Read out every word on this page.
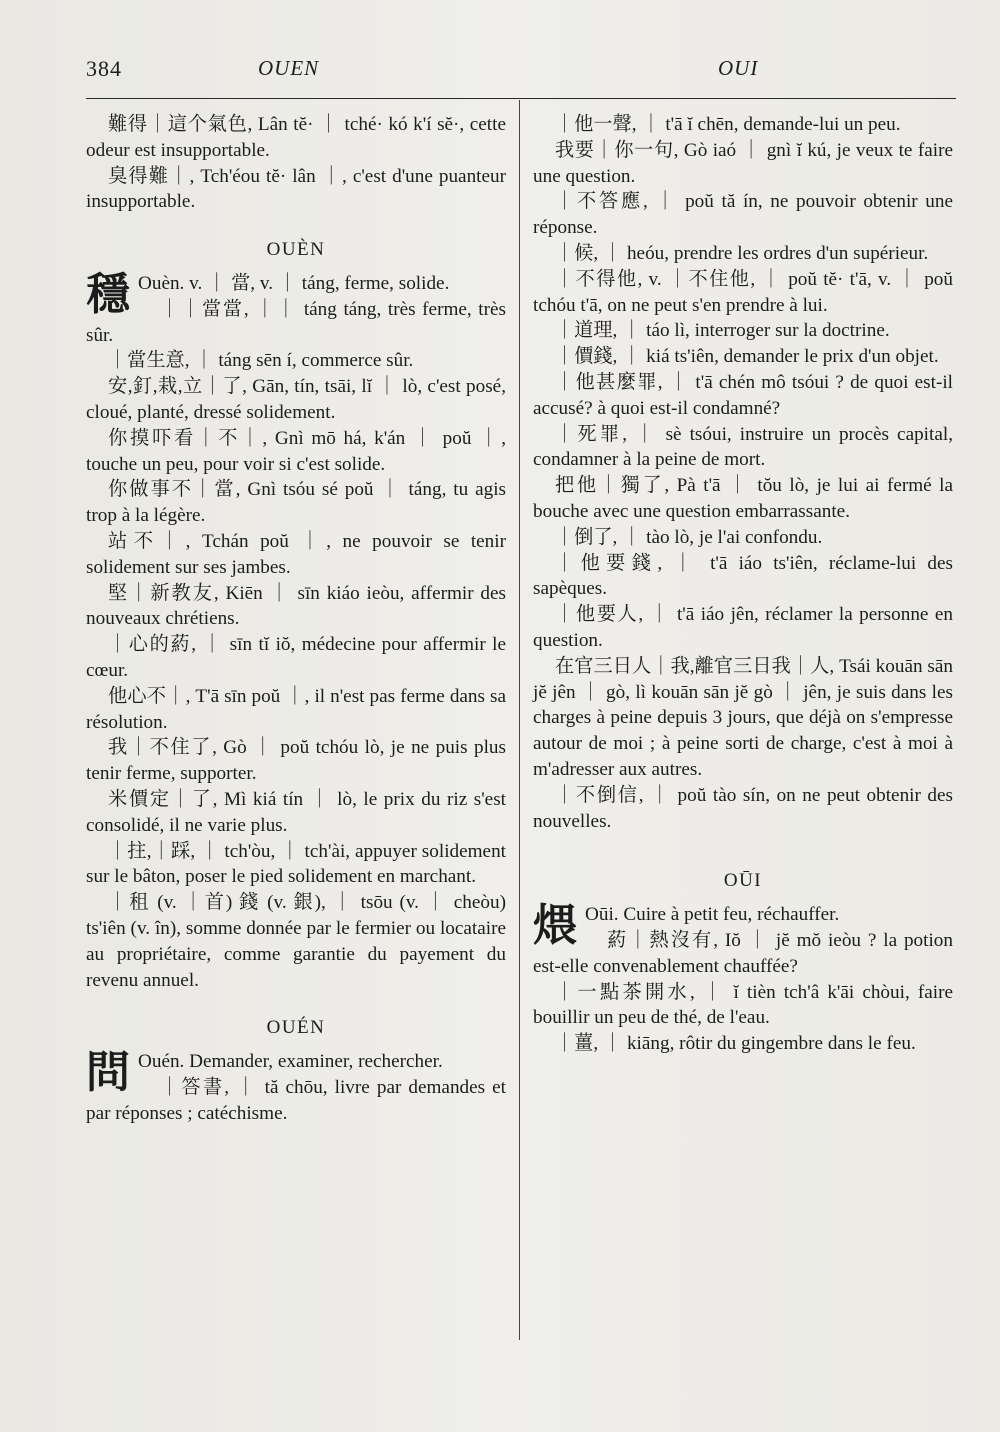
384	OUEN	OUI

難得｜這个氣色, Lân tĕ· ｜ tché· kó k'í sĕ·, cette odeur est insupportable.

臭得難｜, Tch'éou tĕ· lân ｜, c'est d'une puanteur insupportable.

OUÈN

穩 Ouèn. v. ｜ 當, v. ｜ táng, ferme, solide.

｜｜當當, ｜｜ táng táng, très ferme, très sûr.

｜當生意, ｜ táng sēn í, commerce sûr.

安,釘,栽,立｜了, Gān, tín, tsāi, lĭ ｜ lò, c'est posé, cloué, planté, dressé solidement.

你摸吓看｜不｜, Gnì mō há, k'án ｜ poŭ ｜, touche un peu, pour voir si c'est solide.

你做事不｜當, Gnì tsóu sé poŭ ｜ táng, tu agis trop à la légère.

站不｜, Tchán poŭ ｜, ne pouvoir se tenir solidement sur ses jambes.

堅｜新教友, Kiēn ｜ sīn kiáo ieòu, affermir des nouveaux chrétiens.

｜心的葯, ｜ sīn tĭ iŏ, médecine pour affermir le cœur.

他心不｜, T'ā sīn poŭ ｜, il n'est pas ferme dans sa résolution.

我｜不住了, Gò ｜ poŭ tchóu lò, je ne puis plus tenir ferme, supporter.

米價定｜了, Mì kiá tín ｜ lò, le prix du riz s'est consolidé, il ne varie plus.

｜拄,｜踩, ｜ tch'òu, ｜ tch'ài, appuyer solidement sur le bâton, poser le pied solidement en marchant.

｜租 (v. ｜首) 錢 (v. 銀), ｜ tsōu (v. ｜ cheòu) ts'iên (v. în), somme donnée par le fermier ou locataire au propriétaire, comme garantie du payement du revenu annuel.

OUÉN

問 Ouén. Demander, examiner, rechercher.

｜答書, ｜ tă chōu, livre par demandes et par réponses ; catéchisme.

｜他一聲, ｜ t'ā ĭ chēn, demande-lui un peu.

我要｜你一句, Gò iaó ｜ gnì ĭ kú, je veux te faire une question.

｜不答應, ｜ poŭ tă ín, ne pouvoir obtenir une réponse.

｜候, ｜ heóu, prendre les ordres d'un supérieur.

｜不得他, v. ｜不住他, ｜ poŭ tĕ· t'ā, v. ｜ poŭ tchóu t'ā, on ne peut s'en prendre à lui.

｜道理, ｜ táo lì, interroger sur la doctrine.

｜價錢, ｜ kiá ts'iên, demander le prix d'un objet.

｜他甚麼罪, ｜ t'ā chén mô tsóui ? de quoi est-il accusé? à quoi est-il condamné?

｜死罪, ｜ sè tsóui, instruire un procès capital, condamner à la peine de mort.

把他｜獨了, Pà t'ā ｜ tŏu lò, je lui ai fermé la bouche avec une question embarrassante.

｜倒了, ｜ tào lò, je l'ai confondu.

｜他要錢, ｜ t'ā iáo ts'iên, réclame-lui des sapèques.

｜他要人, ｜ t'ā iáo jên, réclamer la personne en question.

在官三日人｜我,離官三日我｜人, Tsái kouān sān jĕ jên ｜ gò, lì kouān sān jĕ gò ｜ jên, je suis dans les charges à peine depuis 3 jours, que déjà on s'empresse autour de moi ; à peine sorti de charge, c'est à moi à m'adresser aux autres.

｜不倒信, ｜ poŭ tào sín, on ne peut obtenir des nouvelles.

OŪI

煨 Oūi. Cuire à petit feu, réchauffer.

葯｜熱沒有, Iŏ ｜ jĕ mŏ ieòu ? la potion est-elle convenablement chauffée?

｜一點茶開水, ｜ ĭ tièn tch'â k'āi chòui, faire bouillir un peu de thé, de l'eau.

｜薑, ｜ kiāng, rôtir du gingembre dans le feu.
